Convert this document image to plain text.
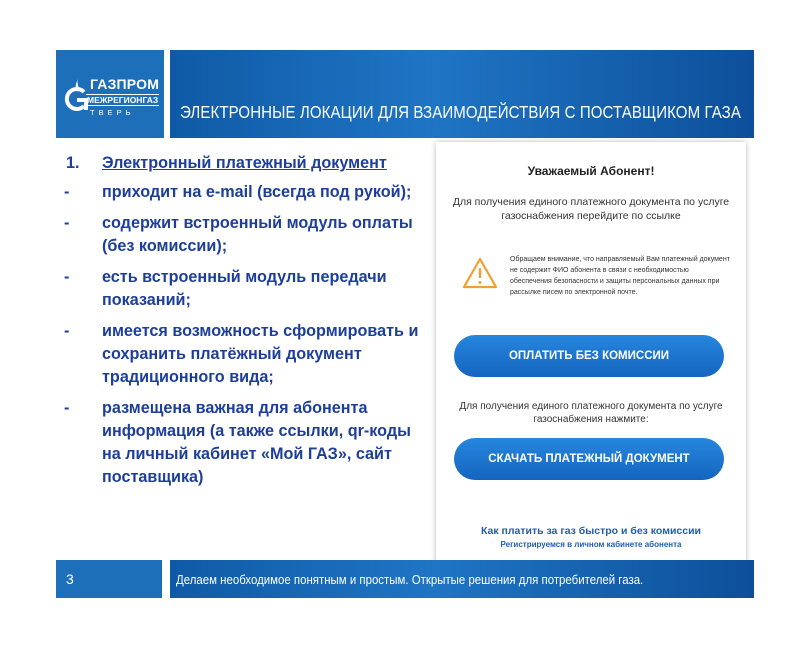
ГАЗПРОМ
МЕЖРЕГИОНГАЗ
ТВЕРЬ	ЭЛЕКТРОННЫЕ ЛОКАЦИИ ДЛЯ ВЗАИМОДЕЙСТВИЯ С ПОСТАВЩИКОМ ГАЗА
1. Электронный платежный документ
- приходит на e-mail (всегда под рукой);
- содержит встроенный модуль оплаты (без комиссии);
- есть встроенный модуль передачи показаний;
- имеется возможность сформировать и сохранить платёжный документ традиционного вида;
- размещена важная для абонента информация (а также ссылки, qr-коды на личный кабинет «Мой ГАЗ», сайт поставщика)
Уважаемый Абонент!
Для получения единого платежного документа по услуге газоснабжения перейдите по ссылке
Обращаем внимание, что направляемый Вам платежный документ не содержит ФИО абонента в связи с необходимостью обеспечения безопасности и защиты персональных данных при рассылке писем по электронной почте.
ОПЛАТИТЬ БЕЗ КОМИССИИ
Для получения единого платежного документа по услуге газоснабжения нажмите:
СКАЧАТЬ ПЛАТЕЖНЫЙ ДОКУМЕНТ
Как платить за газ быстро и без комиссии
Регистрируемся в личном кабинете абонента
3	Делаем необходимое понятным и простым. Открытые решения для потребителей газа.
